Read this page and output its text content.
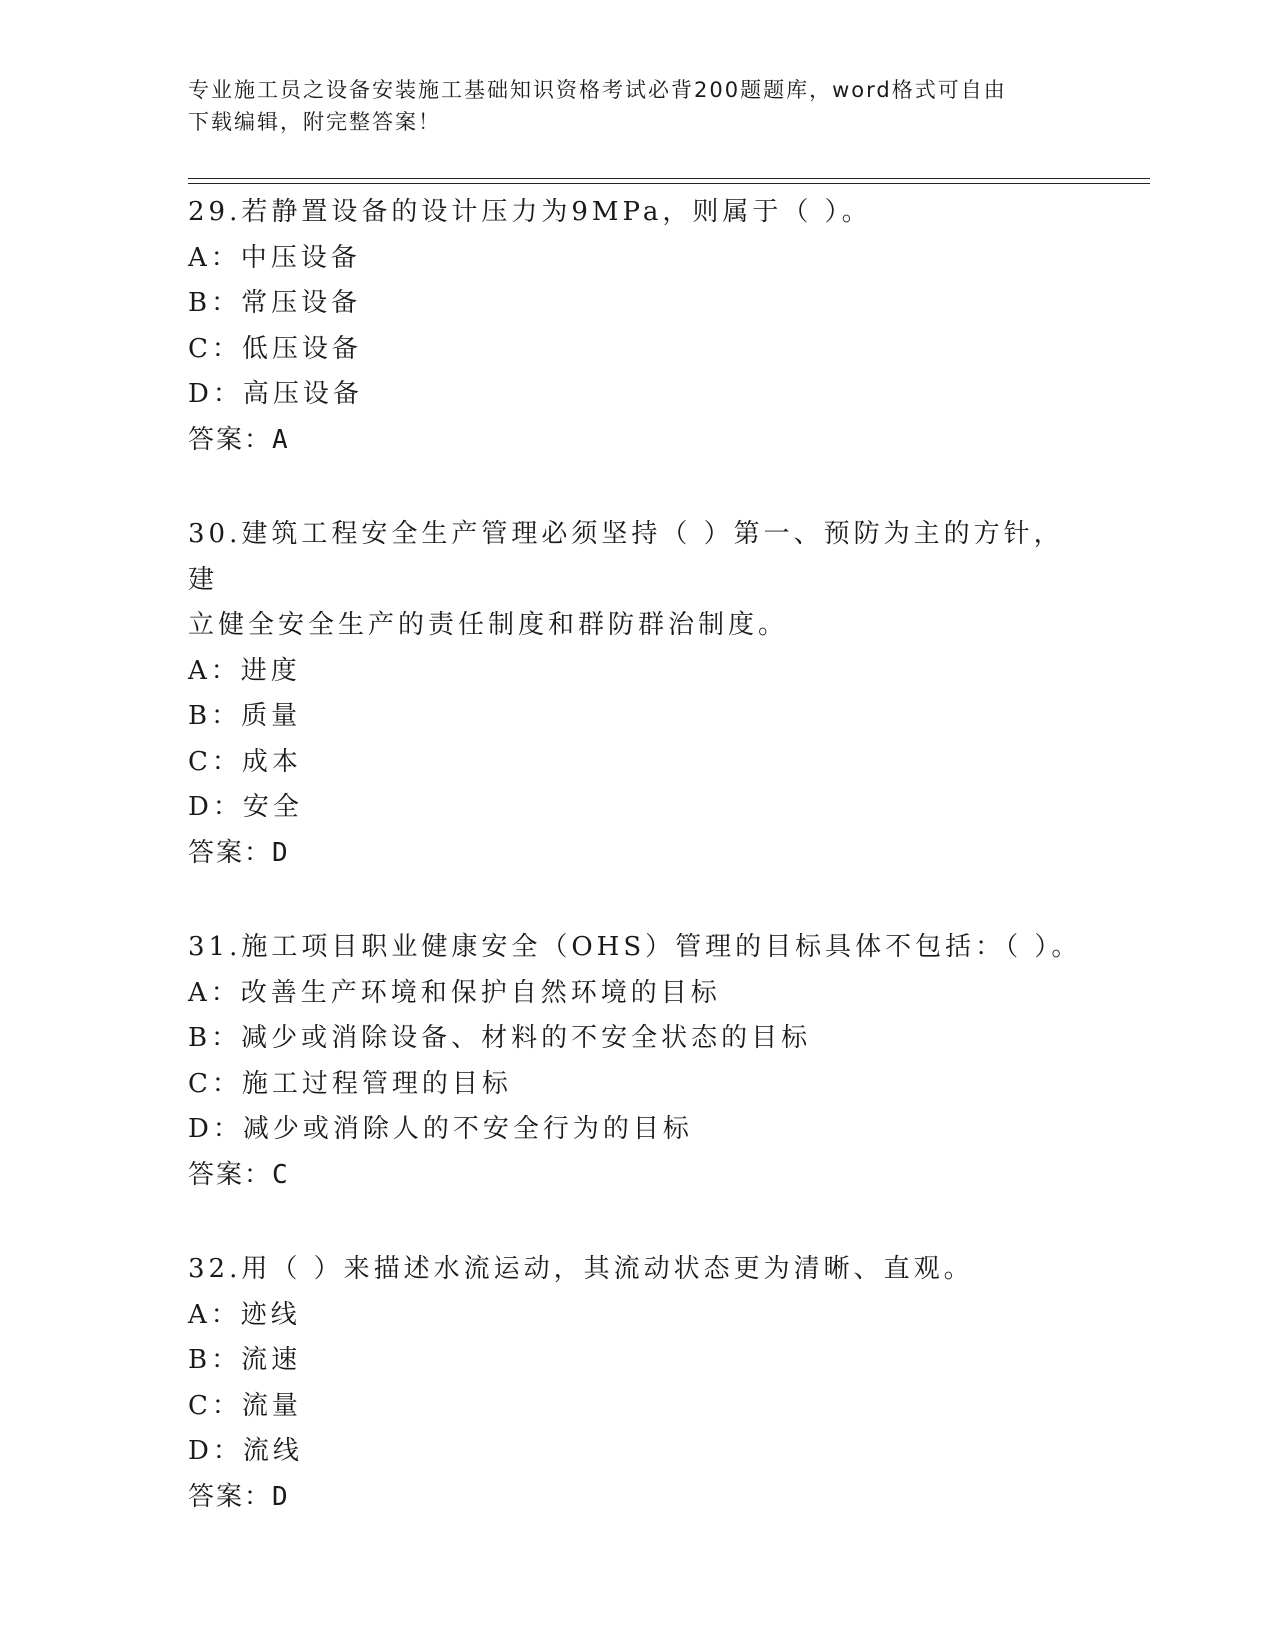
专业施工员之设备安装施工基础知识资格考试必背200题题库，word格式可自由
下载编辑，附完整答案！
29.若静置设备的设计压力为9MPa，则属于（ ）。
A：中压设备
B：常压设备
C：低压设备
D：高压设备
答案：A
30.建筑工程安全生产管理必须坚持（ ）第一、预防为主的方针，建
立健全安全生产的责任制度和群防群治制度。
A：进度
B：质量
C：成本
D：安全
答案：D
31.施工项目职业健康安全（OHS）管理的目标具体不包括：（ ）。
A：改善生产环境和保护自然环境的目标
B：减少或消除设备、材料的不安全状态的目标
C：施工过程管理的目标
D：减少或消除人的不安全行为的目标
答案：C
32.用（ ）来描述水流运动，其流动状态更为清晰、直观。
A：迹线
B：流速
C：流量
D：流线
答案：D
